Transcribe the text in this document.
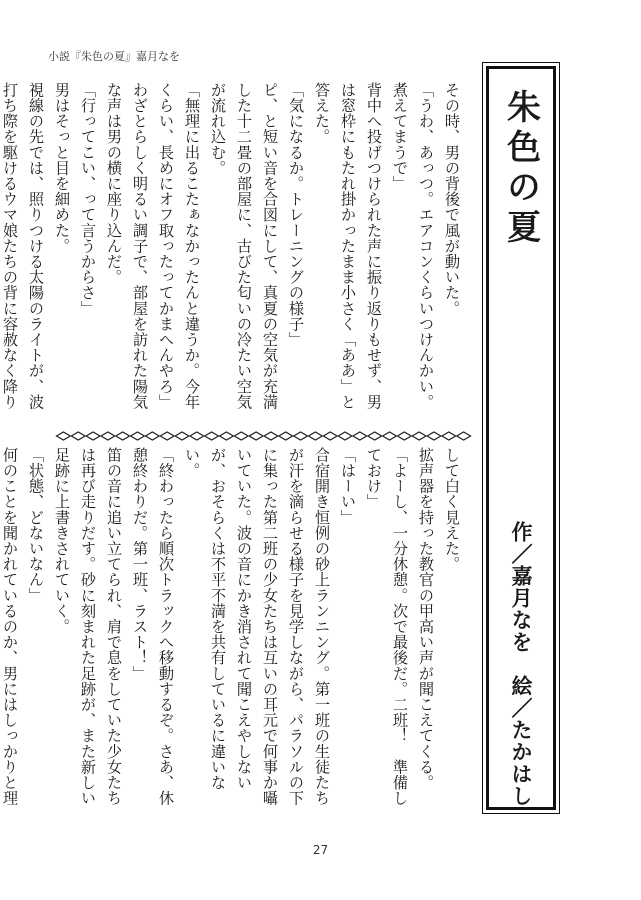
小説『朱色の夏』嘉月なを

その時、男の背後で風が動いた。

「うわ、あっつ。エアコンくらいつけんかい。煮えてまうで」

背中へ投げつけられた声に振り返りもせず、男は窓枠にもたれ掛かったまま小さく「ああ」と答えた。

「気になるか。トレーニングの様子」

ピ、と短い音を合図にして、真夏の空気が充満した十二畳の部屋に、古びた匂いの冷たい空気が流れ込む。

「無理に出るこたぁなかったんと違うか。今年くらい、長めにオフ取ったってかまへんやろ」

わざとらしく明るい調子で、部屋を訪れた陽気な声は男の横に座り込んだ。

「行ってこい、って言うからさ」

男はそっと目を細めた。

視線の先では、照りつける太陽のライトが、波打ち際を駆けるウマ娘たちの背に容赦なく降り

して白く見えた。

拡声器を持った教官の甲高い声が聞こえてくる。

「よーし、一分休憩。次で最後だ。二班！　準備しておけ」

「はーい」

合宿開き恒例の砂上ランニング。第一班の生徒たちが汗を滴らせる様子を見学しながら、パラソルの下に集った第二班の少女たちは互いの耳元で何事か囁いていた。波の音にかき消されて聞こえやしないが、おそらくは不平不満を共有しているに違いない。

「終わったら順次トラックへ移動するぞ。さあ、休憩終わりだ。第一班、ラスト！」

笛の音に追い立てられ、肩で息をしていた少女たちは再び走りだす。砂に刻まれた足跡が、また新しい足跡に上書きされていく。

「状態、どないなん」

何のことを聞かれているのか、男にはしっかりと理

朱色の夏
作／嘉月なを　絵／たかはし
27
